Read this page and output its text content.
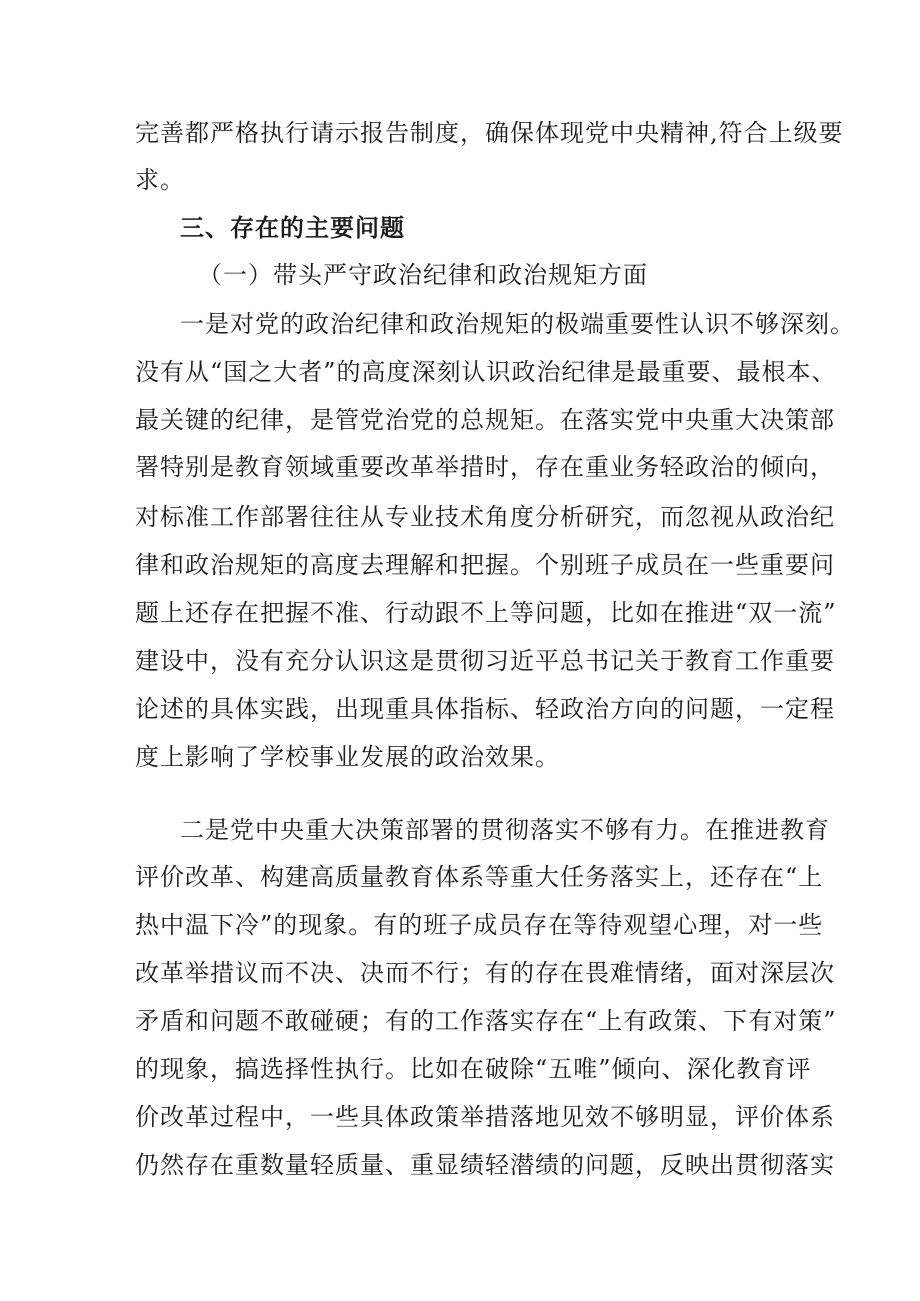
完善都严格执行请示报告制度，确保体现党中央精神,符合上级要
求。
三、存在的主要问题
（一）带头严守政治纪律和政治规矩方面
一是对党的政治纪律和政治规矩的极端重要性认识不够深刻。
没有从“国之大者”的高度深刻认识政治纪律是最重要、最根本、
最关键的纪律，是管党治党的总规矩。在落实党中央重大决策部
署特别是教育领域重要改革举措时，存在重业务轻政治的倾向，
对标准工作部署往往从专业技术角度分析研究，而忽视从政治纪
律和政治规矩的高度去理解和把握。个别班子成员在一些重要问
题上还存在把握不准、行动跟不上等问题，比如在推进“双一流”
建设中，没有充分认识这是贯彻习近平总书记关于教育工作重要
论述的具体实践，出现重具体指标、轻政治方向的问题，一定程
度上影响了学校事业发展的政治效果。
二是党中央重大决策部署的贯彻落实不够有力。在推进教育
评价改革、构建高质量教育体系等重大任务落实上，还存在“上
热中温下冷”的现象。有的班子成员存在等待观望心理，对一些
改革举措议而不决、决而不行；有的存在畏难情绪，面对深层次
矛盾和问题不敢碰硬；有的工作落实存在“上有政策、下有对策”
的现象，搞选择性执行。比如在破除“五唯”倾向、深化教育评
价改革过程中，一些具体政策举措落地见效不够明显，评价体系
仍然存在重数量轻质量、重显绩轻潜绩的问题，反映出贯彻落实
